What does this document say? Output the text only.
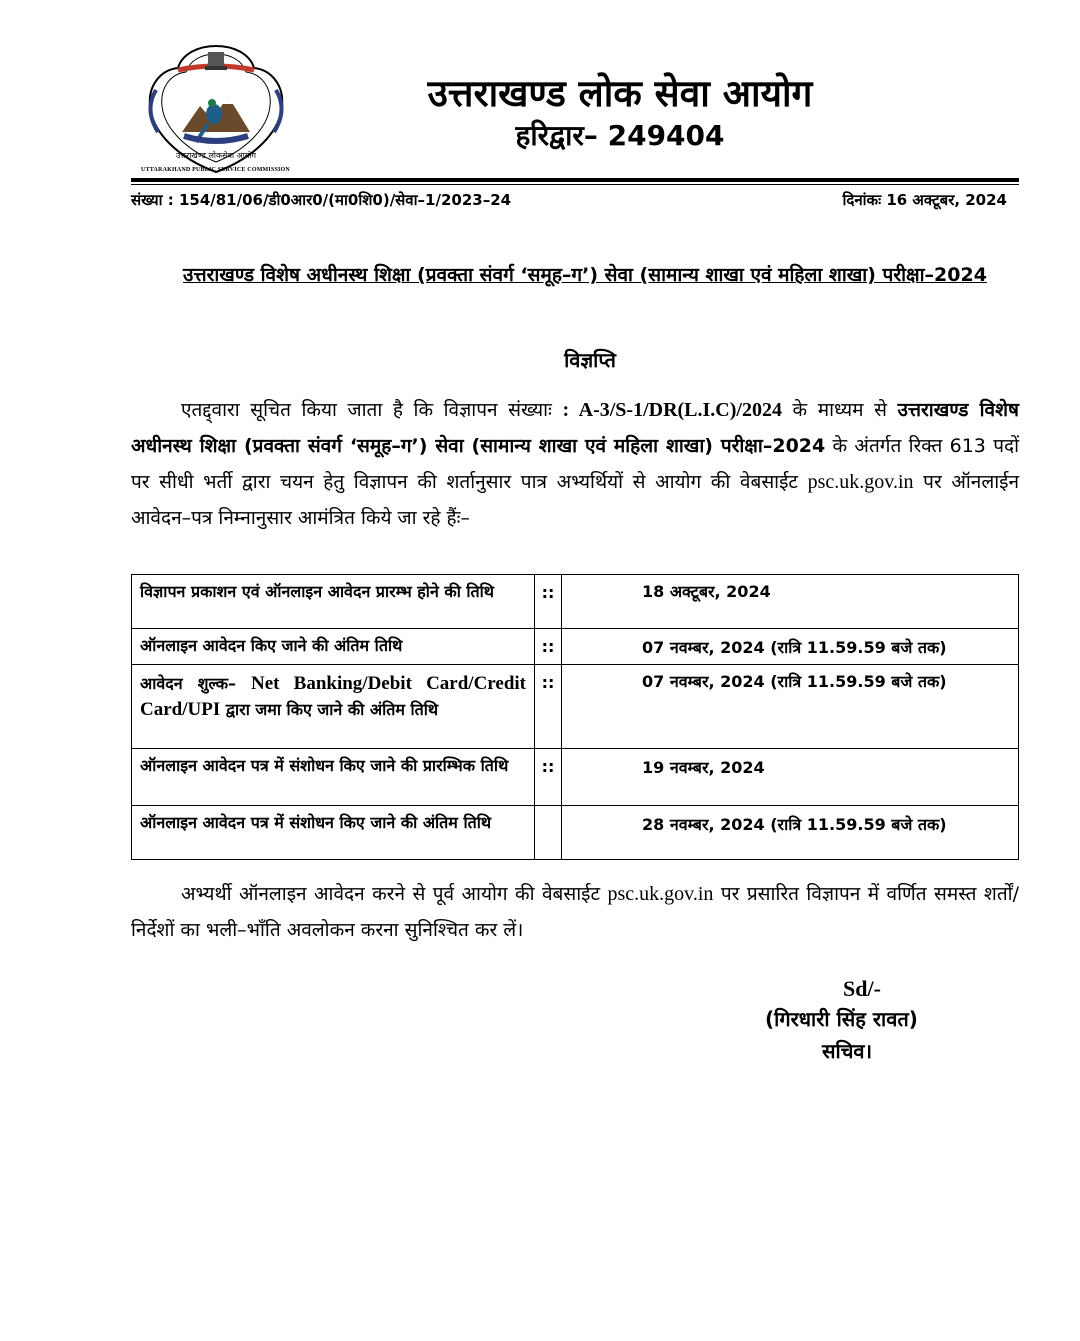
उत्तराखण्ड लोकसेवा आयोग
UTTARAKHAND PUBLIC SERVICE COMMISSION
उत्तराखण्ड लोक सेवा आयोग
हरिद्वार– 249404
संख्या : 154/81/06/डी0आर0/(मा0शि0)/सेवा–1/2023–24	दिनांकः 16 अक्टूबर, 2024
उत्तराखण्ड विशेष अधीनस्थ शिक्षा (प्रवक्ता संवर्ग ‘समूह–ग’) सेवा (सामान्य शाखा एवं महिला शाखा) परीक्षा–2024
विज्ञप्ति

एतद्द्वारा सूचित किया जाता है कि विज्ञापन संख्याः : A-3/S-1/DR(L.I.C)/2024 के माध्यम से उत्तराखण्ड विशेष अधीनस्थ शिक्षा (प्रवक्ता संवर्ग ‘समूह–ग’) सेवा (सामान्य शाखा एवं महिला शाखा) परीक्षा–2024 के अंतर्गत रिक्त 613 पदों पर सीधी भर्ती द्वारा चयन हेतु विज्ञापन की शर्तानुसार पात्र अभ्यर्थियों से आयोग की वेबसाईट psc.uk.gov.in पर ऑनलाईन आवेदन–पत्र निम्नानुसार आमंत्रित किये जा रहे हैंः–

विज्ञापन प्रकाशन एवं ऑनलाइन आवेदन प्रारम्भ होने की तिथि	::	18 अक्टूबर, 2024
ऑनलाइन आवेदन किए जाने की अंतिम तिथि	::	07 नवम्बर, 2024 (रात्रि 11.59.59 बजे तक)
आवेदन शुल्क– Net Banking/Debit Card/Credit Card/UPI द्वारा जमा किए जाने की अंतिम तिथि	::	07 नवम्बर, 2024 (रात्रि 11.59.59 बजे तक)
ऑनलाइन आवेदन पत्र में संशोधन किए जाने की प्रारम्भिक तिथि	::	19 नवम्बर, 2024
ऑनलाइन आवेदन पत्र में संशोधन किए जाने की अंतिम तिथि		28 नवम्बर, 2024 (रात्रि 11.59.59 बजे तक)

अभ्यर्थी ऑनलाइन आवेदन करने से पूर्व आयोग की वेबसाईट psc.uk.gov.in पर प्रसारित विज्ञापन में वर्णित समस्त शर्तों/निर्देशों का भली–भाँति अवलोकन करना सुनिश्चित कर लें।

Sd/-
(गिरधारी सिंह रावत)
सचिव।
